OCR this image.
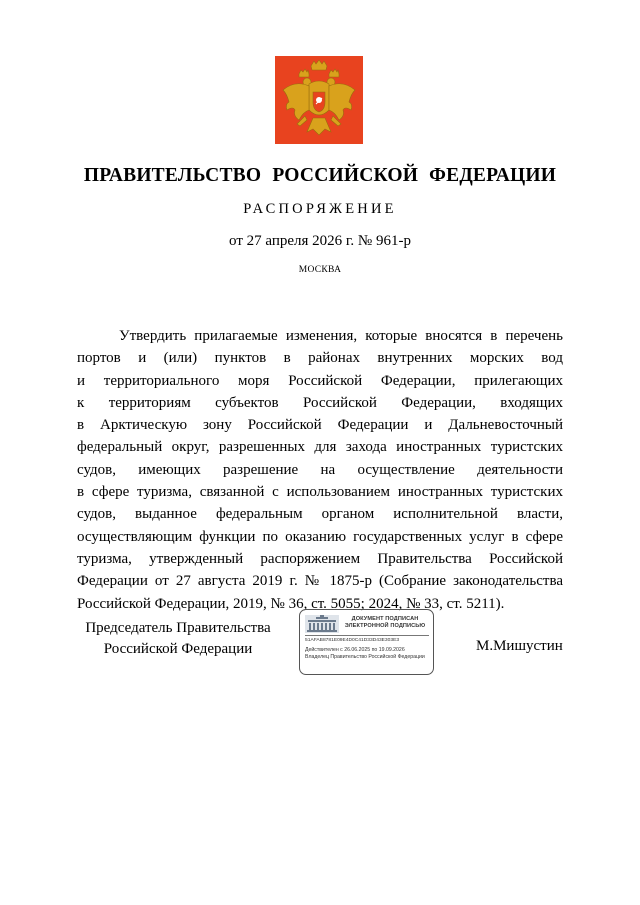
ПРАВИТЕЛЬСТВО РОССИЙСКОЙ ФЕДЕРАЦИИ
РАСПОРЯЖЕНИЕ
от 27 апреля 2026 г. № 961-р
МОСКВА
Утвердить прилагаемые изменения, которые вносятся в перечень
портов и (или) пунктов в районах внутренних морских вод
и территориального моря Российской Федерации, прилегающих
к территориям субъектов Российской Федерации, входящих
в Арктическую зону Российской Федерации и Дальневосточный
федеральный округ, разрешенных для захода иностранных туристских
судов, имеющих разрешение на осуществление деятельности
в сфере туризма, связанной с использованием иностранных туристских
судов, выданное федеральным органом исполнительной власти,
осуществляющим функции по оказанию государственных услуг в сфере
туризма, утвержденный распоряжением Правительства Российской
Федерации от 27 августа 2019 г. № 1875-р (Собрание законодательства
Российской Федерации, 2019, № 36, ст. 5055; 2024, № 33, ст. 5211).
Председатель Правительства
Российской Федерации
ДОКУМЕНТ ПОДПИСАН
ЭЛЕКТРОННОЙ ПОДПИСЬЮ
51AFAB8781E09E4D0C41D33D43E303E3
Действителен с 26.06.2025 по 19.09.2026
Владелец Правительство Российской Федерации
М.Мишустин
